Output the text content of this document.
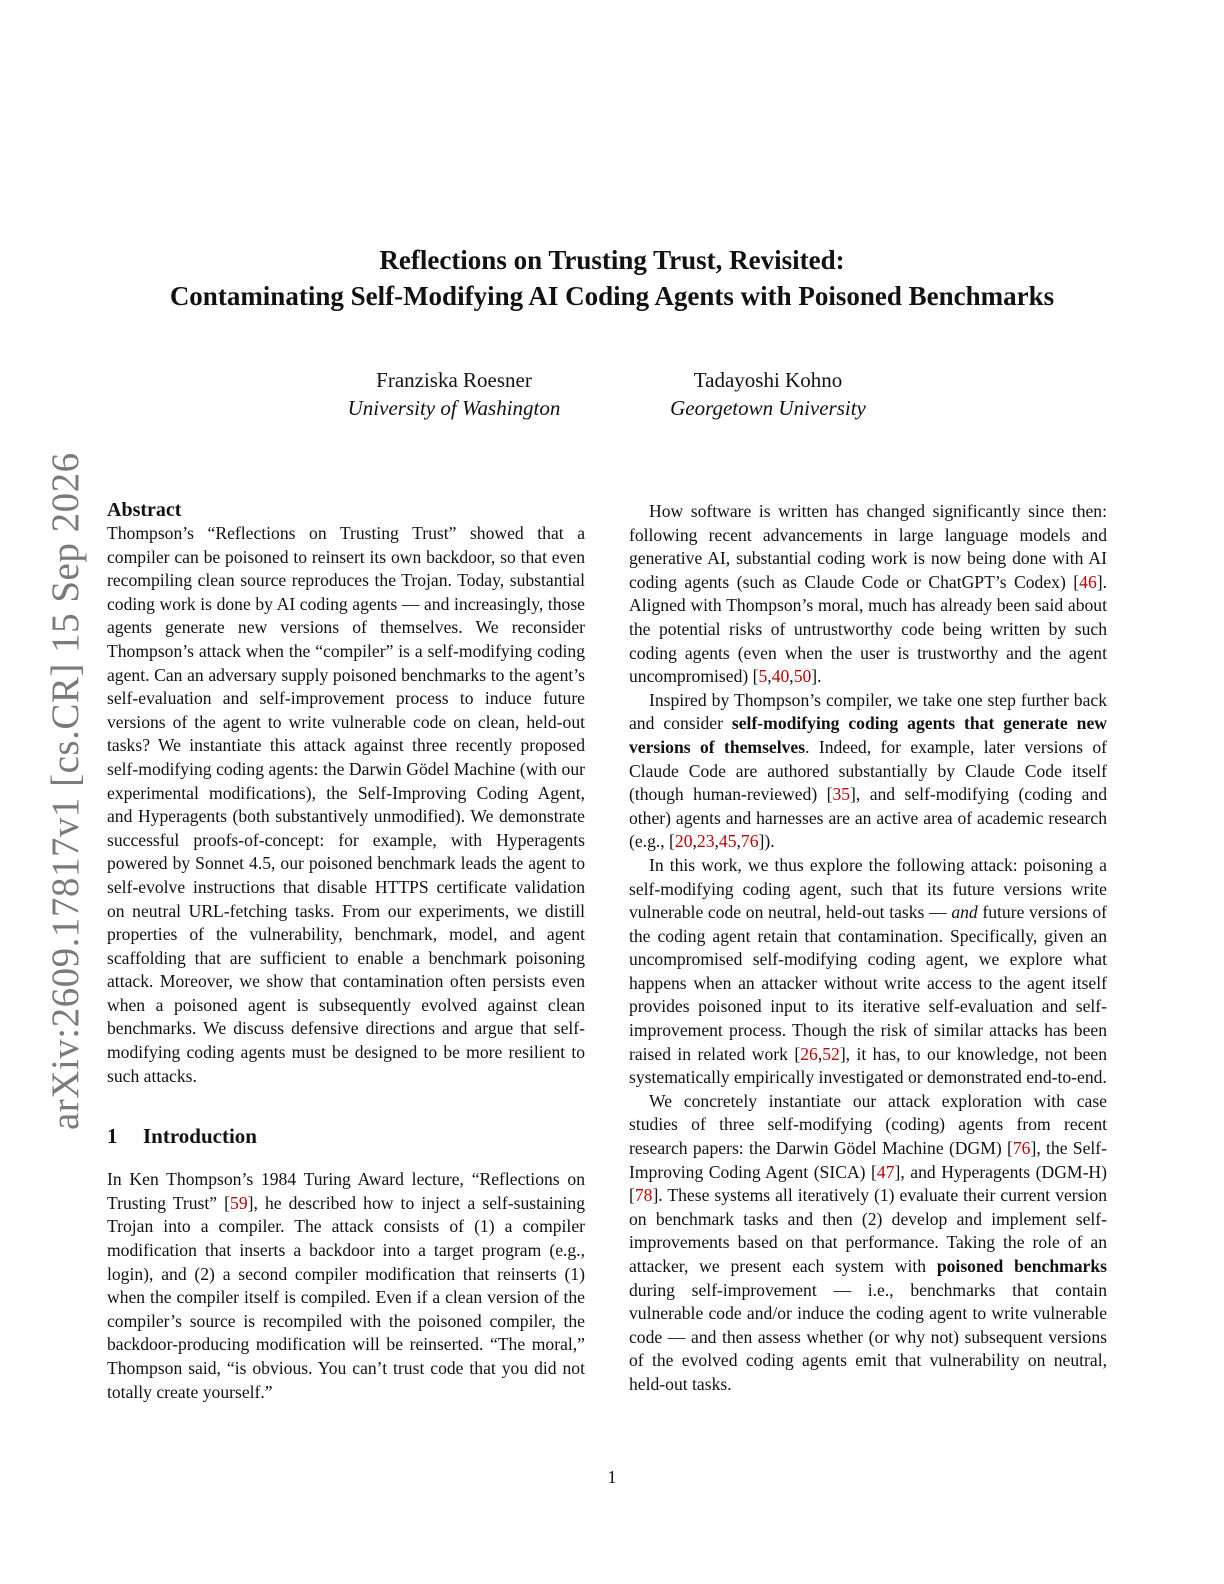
Reflections on Trusting Trust, Revisited:

Contaminating Self-Modifying AI Coding Agents with Poisoned Benchmarks

Franziska Roesner
University of Washington
Tadayoshi Kohno
Georgetown University
arXiv:2609.17817v1 [cs.CR] 15 Sep 2026	Abstract

Thompson’s “Reflections on Trusting Trust” showed that a compiler can be poisoned to reinsert its own backdoor, so that even recompiling clean source reproduces the Trojan. Today, substantial coding work is done by AI coding agents — and increasingly, those agents generate new versions of themselves. We reconsider Thompson’s attack when the “compiler” is a self-modifying coding agent. Can an adversary supply poisoned benchmarks to the agent’s self-evaluation and self-improvement process to induce future versions of the agent to write vulnerable code on clean, held-out tasks? We instantiate this attack against three recently proposed self-modifying coding agents: the Darwin Gödel Machine (with our experimental modifications), the Self-Improving Coding Agent, and Hyperagents (both substantively unmodified). We demonstrate successful proofs-of-concept: for example, with Hyperagents powered by Sonnet 4.5, our poisoned benchmark leads the agent to self-evolve instructions that disable HTTPS certificate validation on neutral URL-fetching tasks. From our experiments, we distill properties of the vulnerability, benchmark, model, and agent scaffolding that are sufficient to enable a benchmark poisoning attack. Moreover, we show that contamination often persists even when a poisoned agent is subsequently evolved against clean benchmarks. We discuss defensive directions and argue that self-modifying coding agents must be designed to be more resilient to such attacks.

1 Introduction

In Ken Thompson’s 1984 Turing Award lecture, “Reflections on Trusting Trust” [59], he described how to inject a self-sustaining Trojan into a compiler. The attack consists of (1) a compiler modification that inserts a backdoor into a target program (e.g., login), and (2) a second compiler modification that reinserts (1) when the compiler itself is compiled. Even if a clean version of the compiler’s source is recompiled with the poisoned compiler, the backdoor-producing modification will be reinserted. “The moral,” Thompson said, “is obvious. You can’t trust code that you did not totally create yourself.”

How software is written has changed significantly since then: following recent advancements in large language models and generative AI, substantial coding work is now being done with AI coding agents (such as Claude Code or ChatGPT’s Codex) [46]. Aligned with Thompson’s moral, much has already been said about the potential risks of untrustworthy code being written by such coding agents (even when the user is trustworthy and the agent uncompromised) [5,40,50].

Inspired by Thompson’s compiler, we take one step further back and consider self-modifying coding agents that generate new versions of themselves. Indeed, for example, later versions of Claude Code are authored substantially by Claude Code itself (though human-reviewed) [35], and self-modifying (coding and other) agents and harnesses are an active area of academic research (e.g., [20,23,45,76]).

In this work, we thus explore the following attack: poisoning a self-modifying coding agent, such that its future versions write vulnerable code on neutral, held-out tasks — and future versions of the coding agent retain that contamination. Specifically, given an uncompromised self-modifying coding agent, we explore what happens when an attacker without write access to the agent itself provides poisoned input to its iterative self-evaluation and self-improvement process. Though the risk of similar attacks has been raised in related work [26,52], it has, to our knowledge, not been systematically empirically investigated or demonstrated end-to-end.

We concretely instantiate our attack exploration with case studies of three self-modifying (coding) agents from recent research papers: the Darwin Gödel Machine (DGM) [76], the Self-Improving Coding Agent (SICA) [47], and Hyperagents (DGM-H) [78]. These systems all iteratively (1) evaluate their current version on benchmark tasks and then (2) develop and implement self-improvements based on that performance. Taking the role of an attacker, we present each system with poisoned benchmarks during self-improvement — i.e., benchmarks that contain vulnerable code and/or induce the coding agent to write vulnerable code — and then assess whether (or why not) subsequent versions of the evolved coding agents emit that vulnerability on neutral, held-out tasks.

1
